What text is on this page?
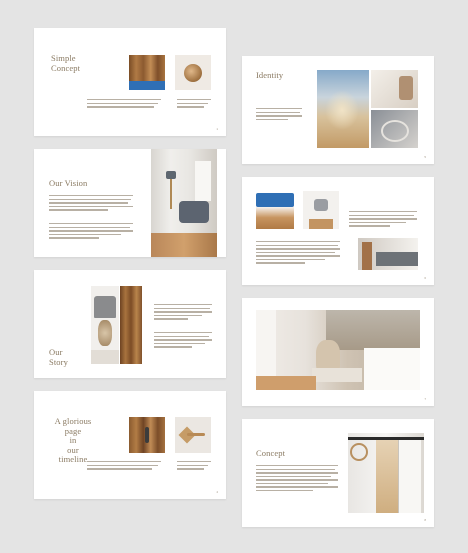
Simple
Concept
1
Our Vision
Our
Story
A glorious
page
in
our timeline
4
Identity
5
6
7
Concept
8
